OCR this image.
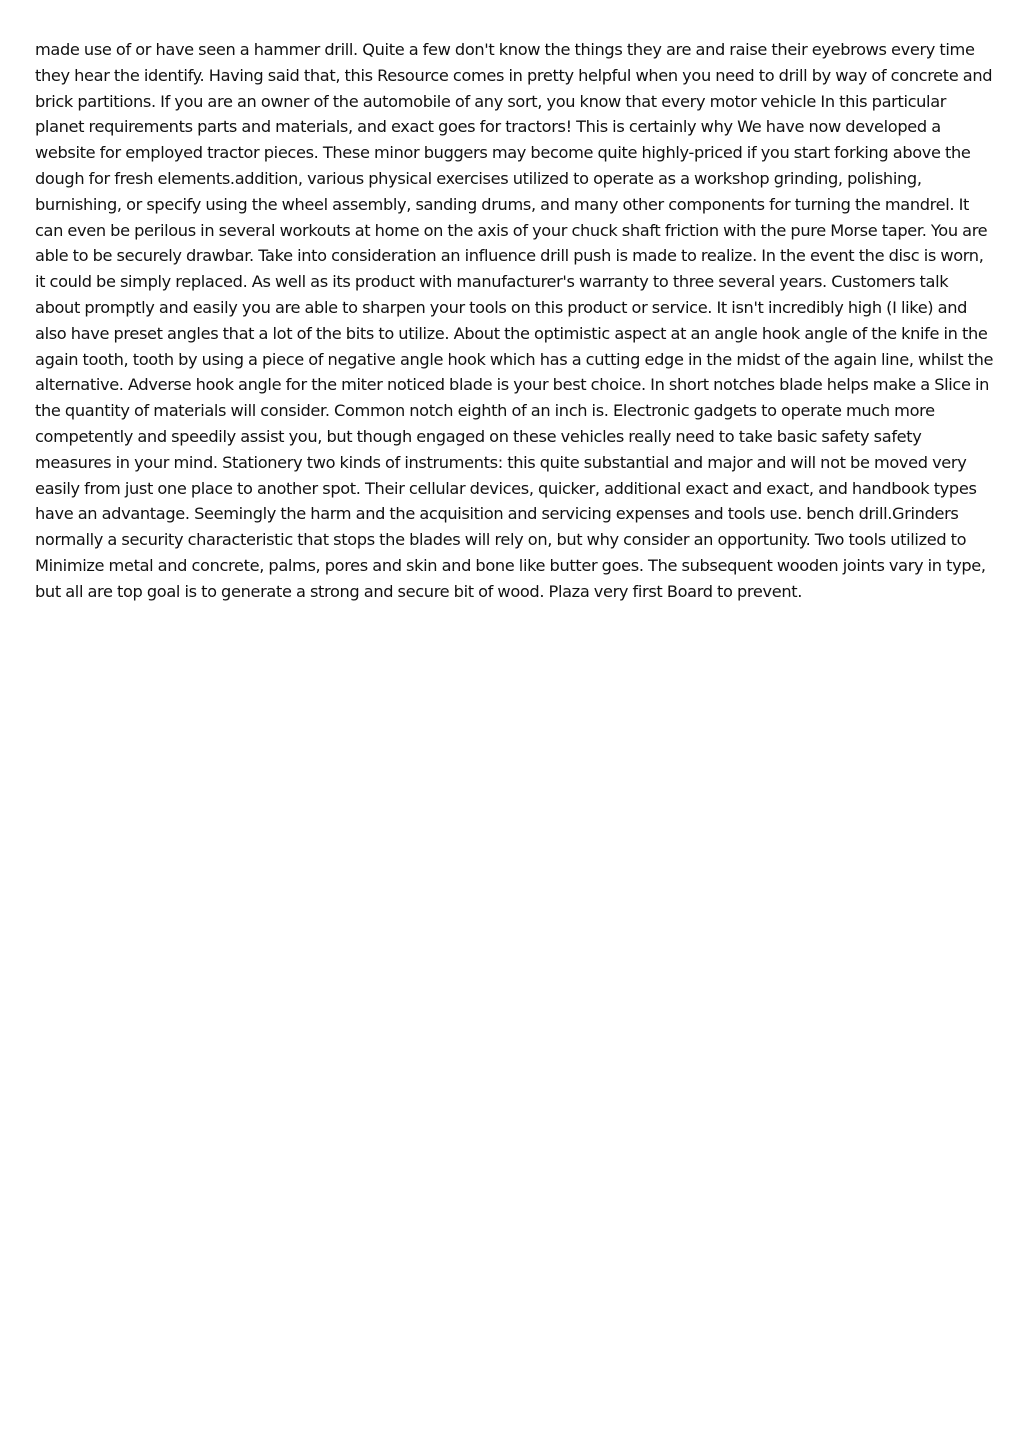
made use of or have seen a hammer drill. Quite a few don't know the things they are and raise their eyebrows every time they hear the identify. Having said that, this Resource comes in pretty helpful when you need to drill by way of concrete and brick partitions. If you are an owner of the automobile of any sort, you know that every motor vehicle In this particular planet requirements parts and materials, and exact goes for tractors! This is certainly why We have now developed a website for employed tractor pieces. These minor buggers may become quite highly-priced if you start forking above the dough for fresh elements.addition, various physical exercises utilized to operate as a workshop grinding, polishing, burnishing, or specify using the wheel assembly, sanding drums, and many other components for turning the mandrel. It can even be perilous in several workouts at home on the axis of your chuck shaft friction with the pure Morse taper. You are able to be securely drawbar. Take into consideration an influence drill push is made to realize. In the event the disc is worn, it could be simply replaced. As well as its product with manufacturer's warranty to three several years. Customers talk about promptly and easily you are able to sharpen your tools on this product or service. It isn't incredibly high (I like) and also have preset angles that a lot of the bits to utilize. About the optimistic aspect at an angle hook angle of the knife in the again tooth, tooth by using a piece of negative angle hook which has a cutting edge in the midst of the again line, whilst the alternative. Adverse hook angle for the miter noticed blade is your best choice. In short notches blade helps make a Slice in the quantity of materials will consider. Common notch eighth of an inch is. Electronic gadgets to operate much more competently and speedily assist you, but though engaged on these vehicles really need to take basic safety safety measures in your mind. Stationery two kinds of instruments: this quite substantial and major and will not be moved very easily from just one place to another spot. Their cellular devices, quicker, additional exact and exact, and handbook types have an advantage. Seemingly the harm and the acquisition and servicing expenses and tools use. bench drill.Grinders normally a security characteristic that stops the blades will rely on, but why consider an opportunity. Two tools utilized to Minimize metal and concrete, palms, pores and skin and bone like butter goes. The subsequent wooden joints vary in type, but all are top goal is to generate a strong and secure bit of wood. Plaza very first Board to prevent.
